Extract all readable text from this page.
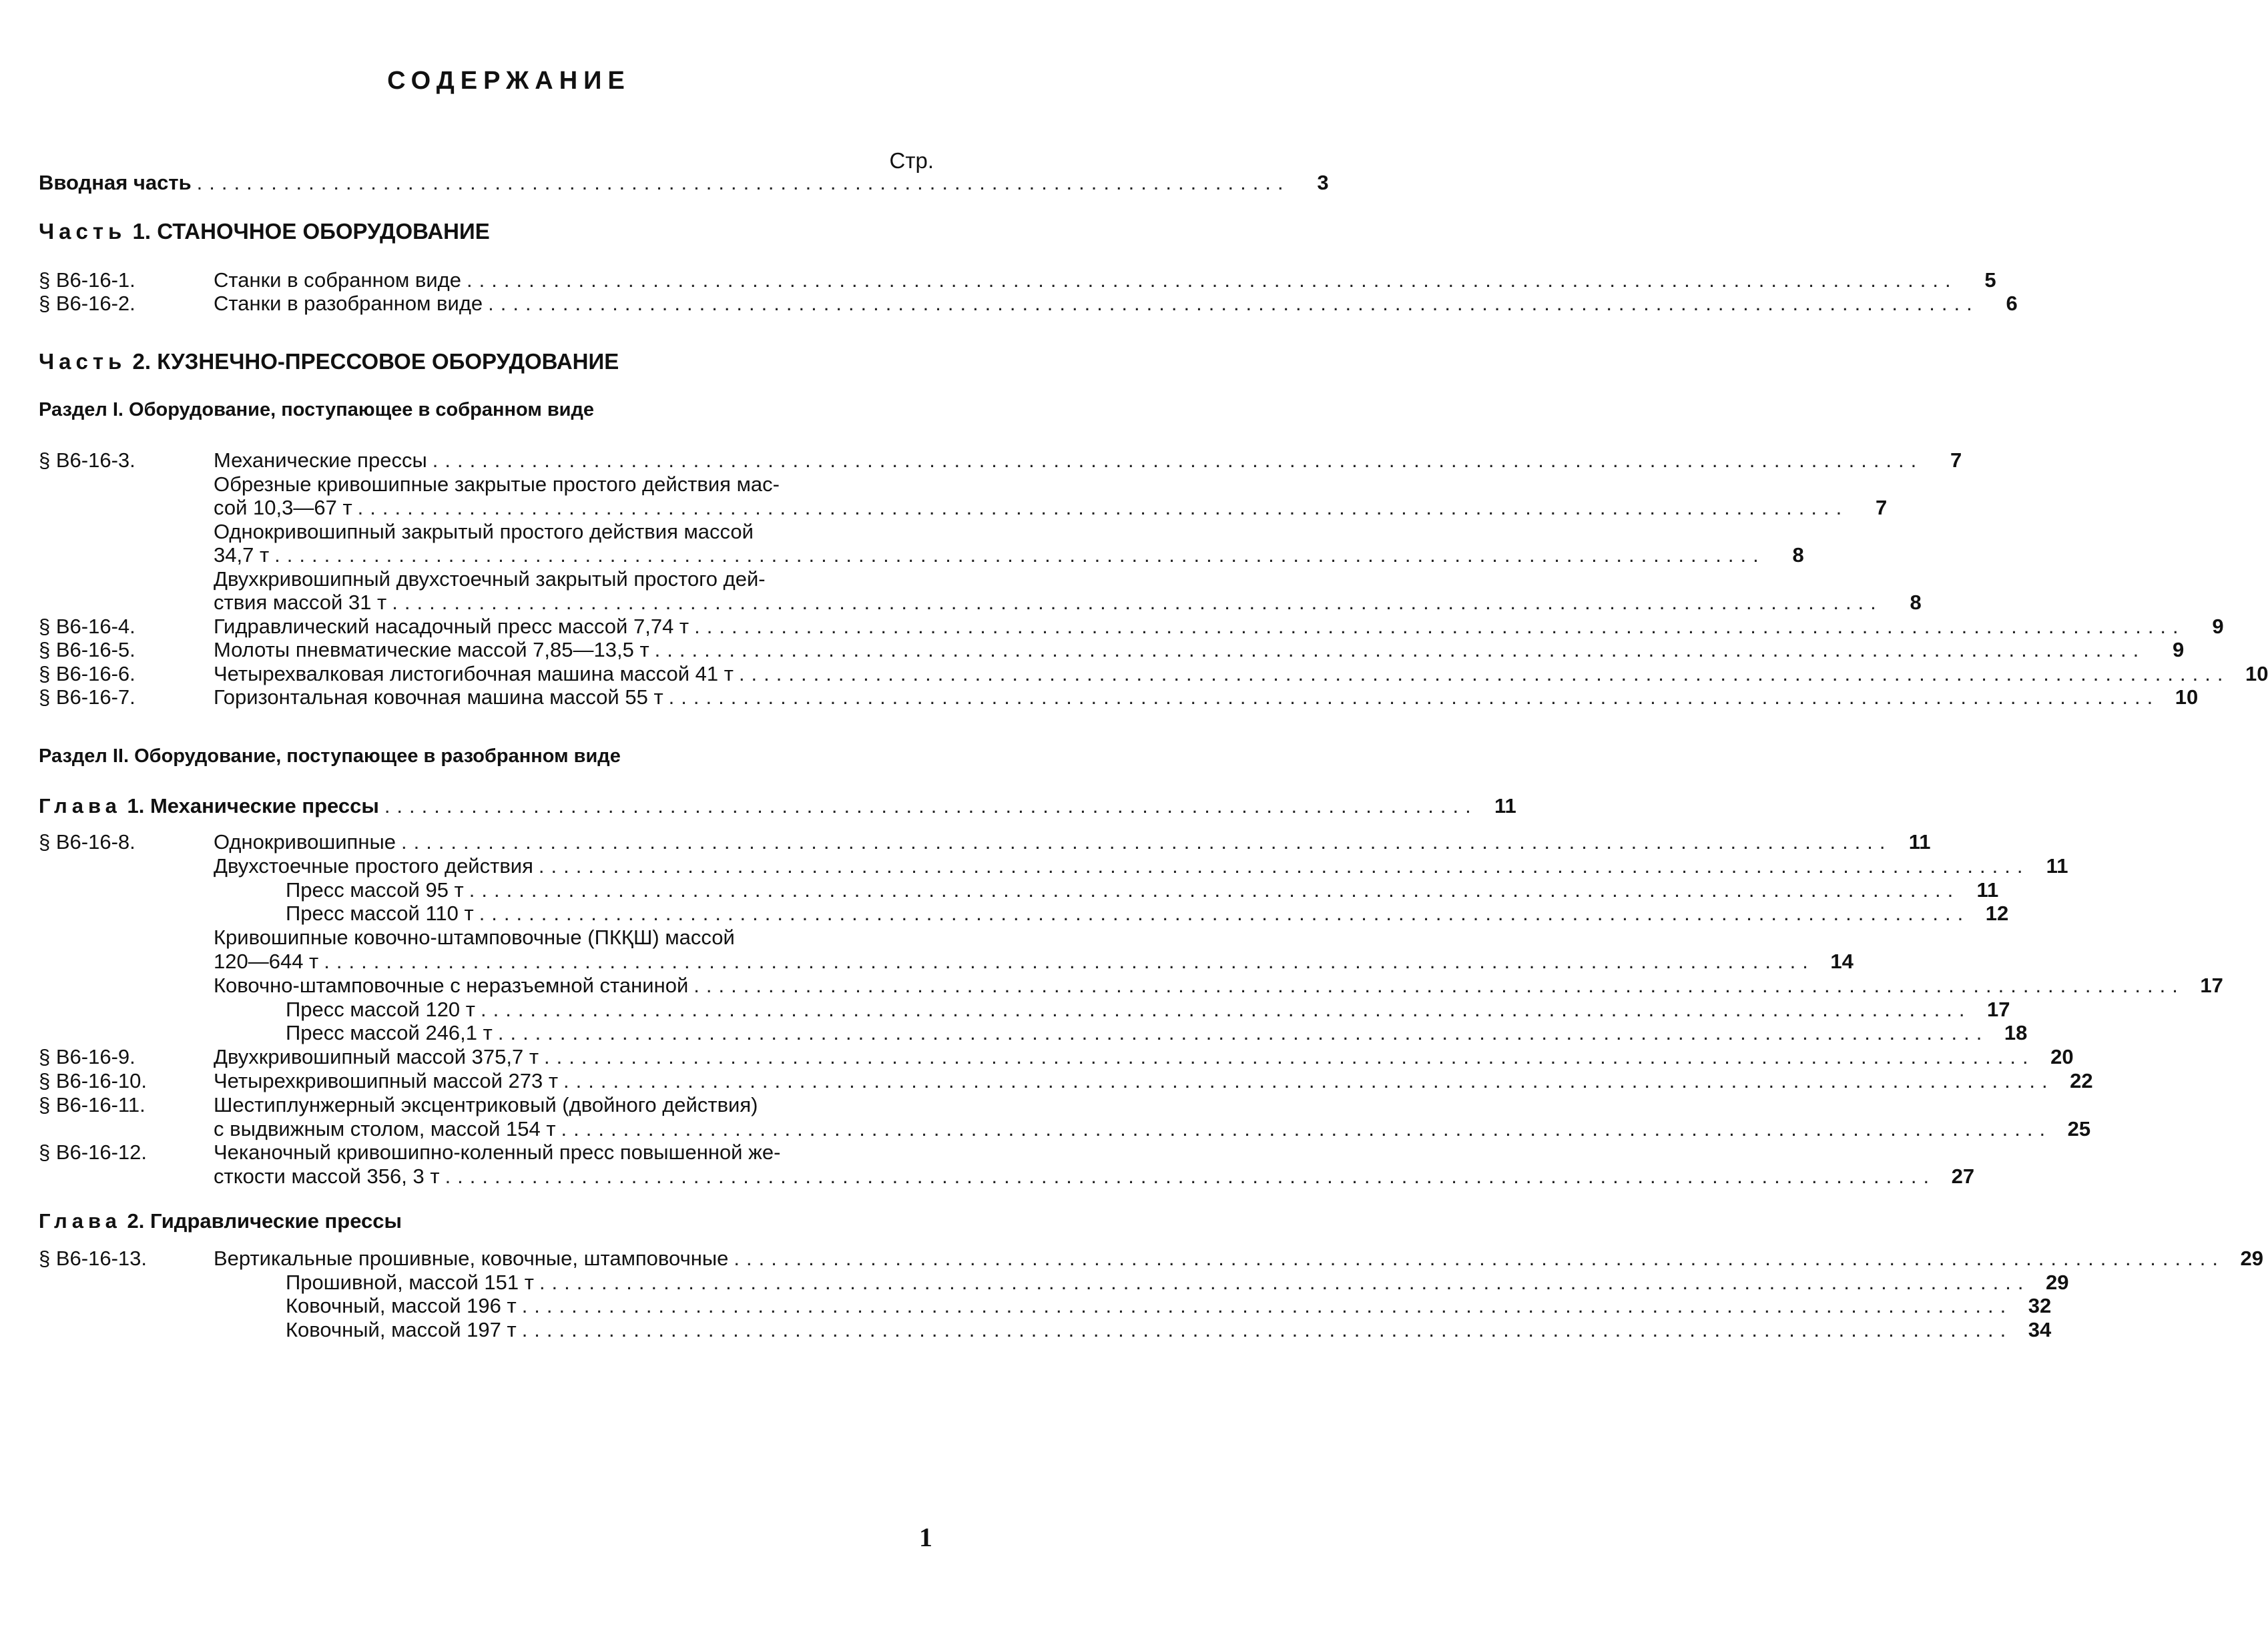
СОДЕРЖАНИЕ
Стр.
Вводная часть ........................................................................................	3
Часть 1. СТАНОЧНОЕ ОБОРУДОВАНИЕ
§ В6-16-1.	Станки в собранном виде ........................................................................................................................	5
§ В6-16-2.	Станки в разобранном виде ........................................................................................................................	6
Часть 2. КУЗНЕЧНО-ПРЕССОВОЕ ОБОРУДОВАНИЕ
Раздел I. Оборудование, поступающее в собранном виде
§ В6-16-3.	Механические прессы ........................................................................................................................	7
Обрезные кривошипные закрытые простого действия мас-
сой 10,3—67 т ........................................................................................................................	7
Однокривошипный закрытый простого действия массой
34,7 т ........................................................................................................................	8
Двухкривошипный двухстоечный закрытый простого дей-
ствия массой 31 т ........................................................................................................................	8
§ В6-16-4.	Гидравлический насадочный пресс массой 7,74 т ........................................................................................................................	9
§ В6-16-5.	Молоты пневматические массой 7,85—13,5 т ........................................................................................................................	9
§ В6-16-6.	Четырехвалковая листогибочная машина массой 41 т ........................................................................................................................ 10
§ В6-16-7.	Горизонтальная ковочная машина массой 55 т ........................................................................................................................ 10
Раздел II. Оборудование, поступающее в разобранном виде
Глава 1. Механические прессы ........................................................................................ 11
§ В6-16-8.	Однокривошипные ........................................................................................................................ 11
Двухстоечные простого действия ........................................................................................................................ 11
Пресс массой 95 т ........................................................................................................................ 11
Пресс массой 110 т ........................................................................................................................ 12
Кривошипные ковочно-штамповочные (ПКҚШ) массой
120—644 т ........................................................................................................................ 14
Ковочно-штамповочные с неразъемной станиной ........................................................................................................................ 17
Пресс массой 120 т ........................................................................................................................ 17
Пресс массой 246,1 т ........................................................................................................................ 18
§ В6-16-9.	Двухкривошипный массой 375,7 т ........................................................................................................................ 20
§ В6-16-10.	Четырехкривошипный массой 273 т ........................................................................................................................ 22
§ В6-16-11.	Шестиплунжерный эксцентриковый (двойного действия)
с выдвижным столом, массой 154 т ........................................................................................................................ 25
§ В6-16-12.	Чеканочный кривошипно-коленный пресс повышенной же-
сткости массой 356, 3 т ........................................................................................................................ 27
Глава 2. Гидравлические прессы
§ В6-16-13.	Вертикальные прошивные, ковочные, штамповочные ........................................................................................................................ 29
Прошивной, массой 151 т ........................................................................................................................ 29
Ковочный, массой 196 т ........................................................................................................................ 32
Ковочный, массой 197 т ........................................................................................................................ 34
1
